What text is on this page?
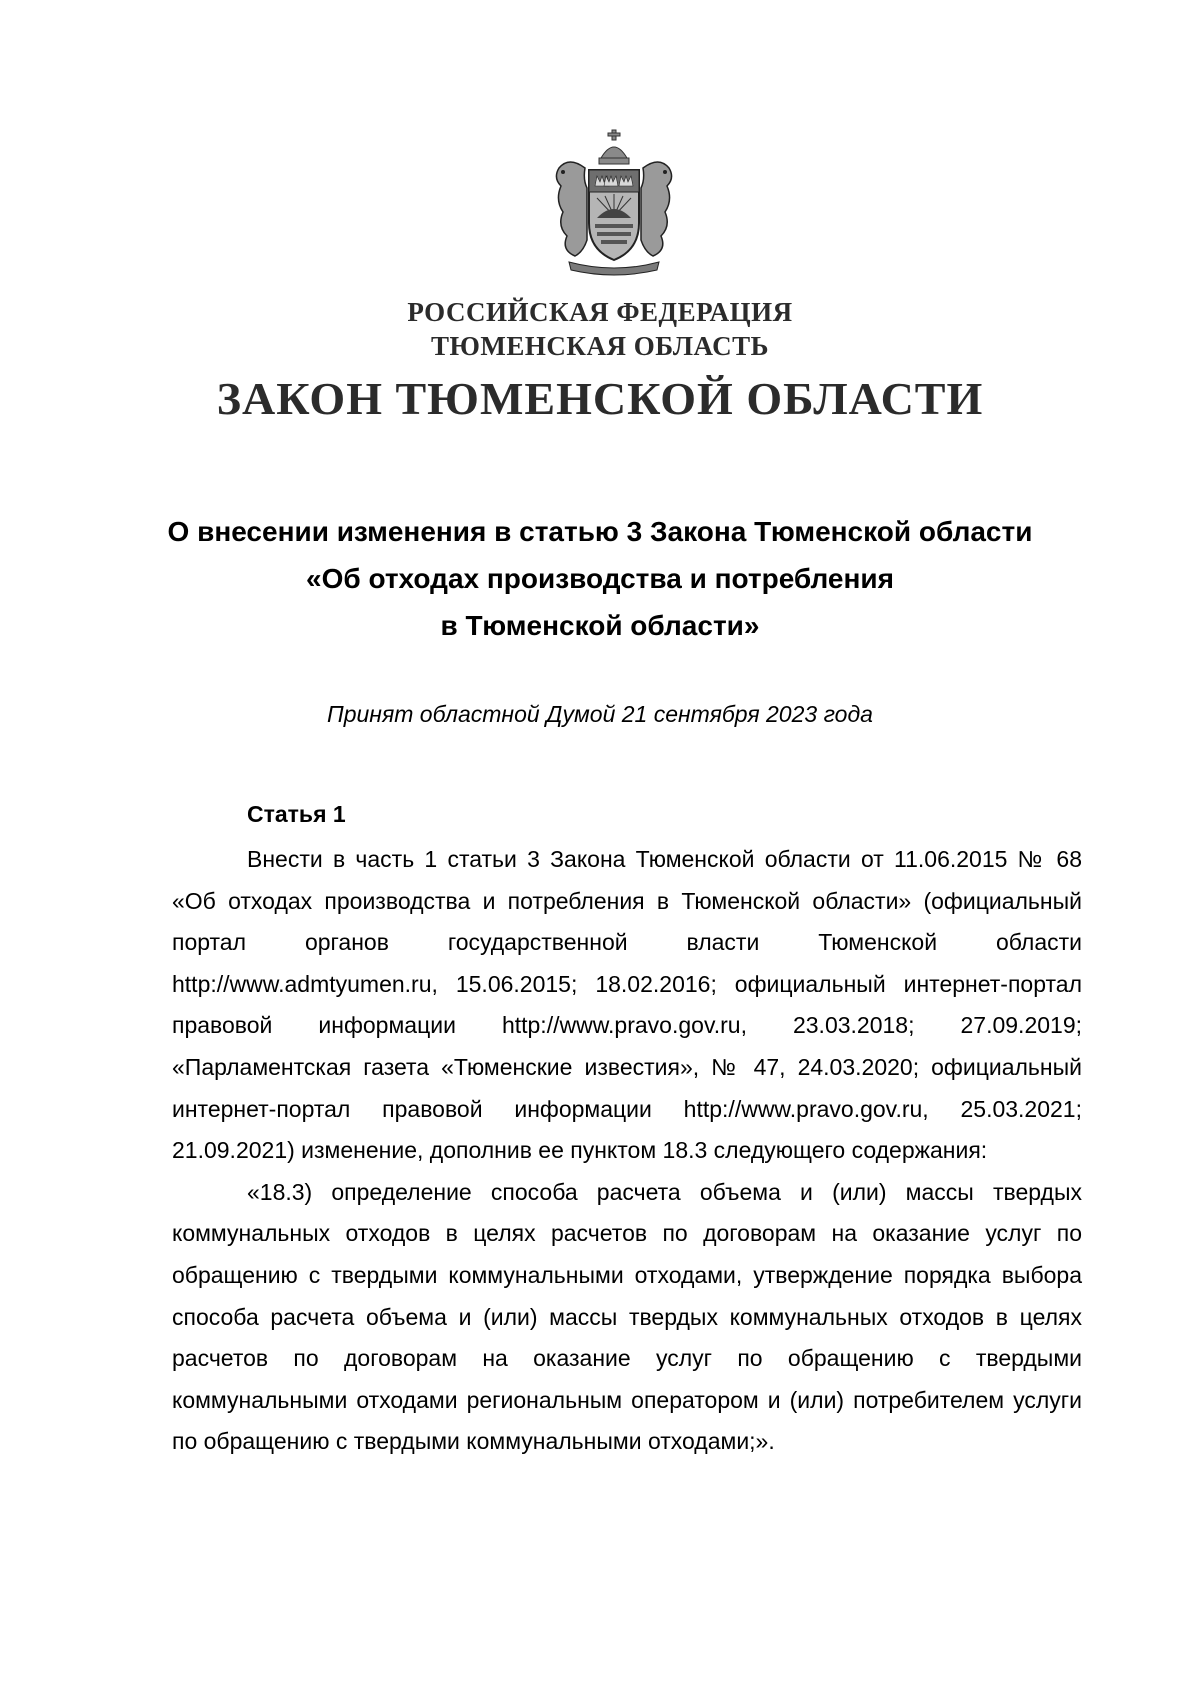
РОССИЙСКАЯ ФЕДЕРАЦИЯ
ТЮМЕНСКАЯ ОБЛАСТЬ
ЗАКОН ТЮМЕНСКОЙ ОБЛАСТИ
О внесении изменения в статью 3 Закона Тюменской области
«Об отходах производства и потребления
в Тюменской области»
Принят областной Думой 21 сентября 2023 года
Статья 1

Внести в часть 1 статьи 3 Закона Тюменской области от 11.06.2015 № 68 «Об отходах производства и потребления в Тюменской области» (официальный портал органов государственной власти Тюменской области http://www.admtyumen.ru, 15.06.2015; 18.02.2016; официальный интернет-портал правовой информации http://www.pravo.gov.ru, 23.03.2018; 27.09.2019; «Парламентская газета «Тюменские известия», № 47, 24.03.2020; официальный интернет-портал правовой информации http://www.pravo.gov.ru, 25.03.2021; 21.09.2021) изменение, дополнив ее пунктом 18.3 следующего содержания:

«18.3) определение способа расчета объема и (или) массы твердых коммунальных отходов в целях расчетов по договорам на оказание услуг по обращению с твердыми коммунальными отходами, утверждение порядка выбора способа расчета объема и (или) массы твердых коммунальных отходов в целях расчетов по договорам на оказание услуг по обращению с твердыми коммунальными отходами региональным оператором и (или) потребителем услуги по обращению с твердыми коммунальными отходами;».
